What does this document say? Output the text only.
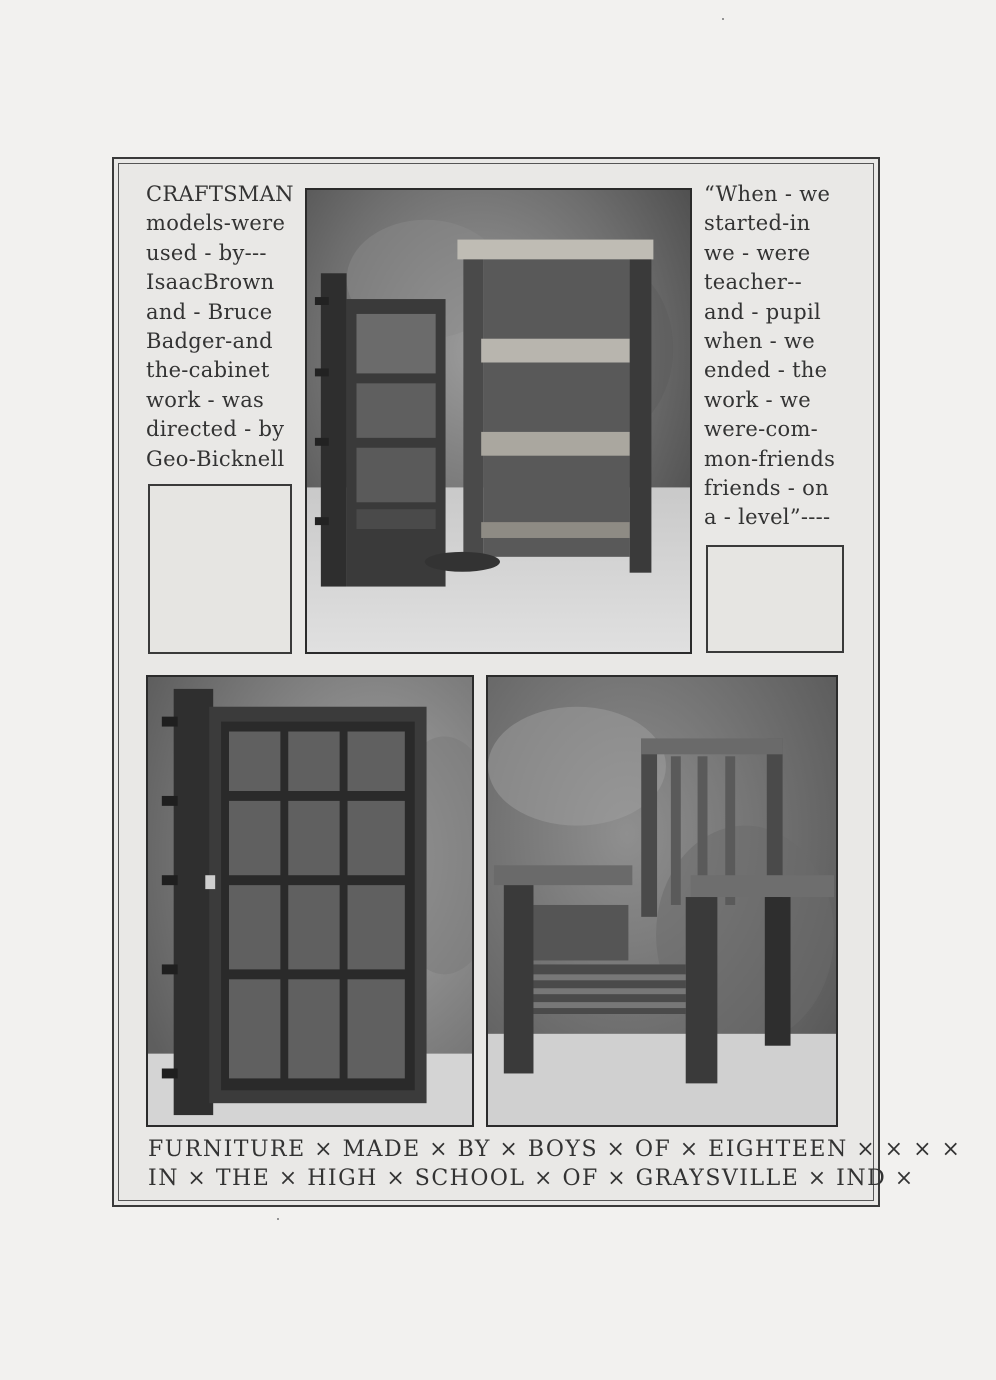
CRAFTSMAN

models-were

used - by---

IsaacBrown

and - Bruce

Badger-and

the-cabinet

work - was

directed - by

Geo-Bicknell

“When - we

started-in

we - were

teacher--

and - pupil

when - we

ended - the

work - we

were-com-

mon-friends

friends - on

a - level”----

FURNITURE × MADE × BY × BOYS × OF × EIGHTEEN × × × ×
IN × THE × HIGH × SCHOOL × OF × GRAYSVILLE × IND ×
